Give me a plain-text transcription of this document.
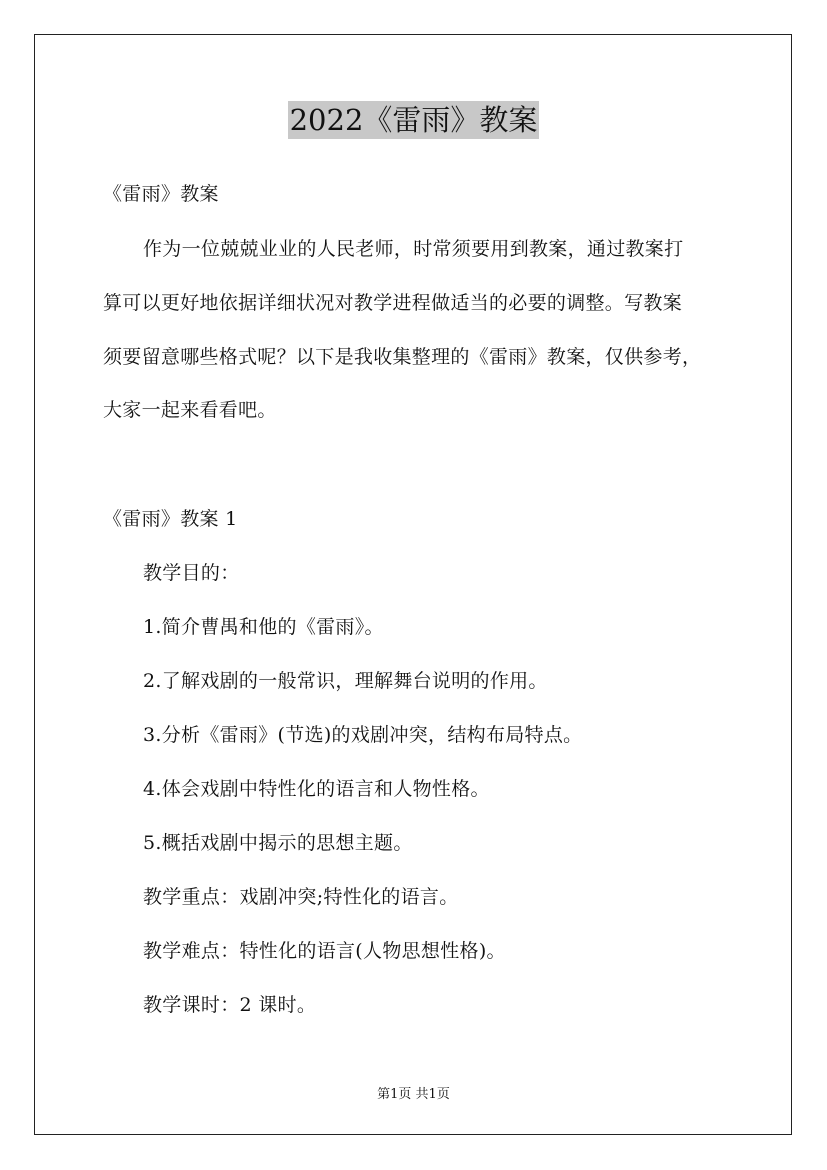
2022《雷雨》教案
《雷雨》教案
作为一位兢兢业业的人民老师，时常须要用到教案，通过教案打
算可以更好地依据详细状况对教学进程做适当的必要的调整。写教案
须要留意哪些格式呢？以下是我收集整理的《雷雨》教案，仅供参考，
大家一起来看看吧。
《雷雨》教案 1
教学目的：
1.简介曹禺和他的《雷雨》。
2.了解戏剧的一般常识，理解舞台说明的作用。
3.分析《雷雨》(节选)的戏剧冲突，结构布局特点。
4.体会戏剧中特性化的语言和人物性格。
5.概括戏剧中揭示的思想主题。
教学重点：戏剧冲突;特性化的语言。
教学难点：特性化的语言(人物思想性格)。
教学课时：2 课时。
第1页 共1页
